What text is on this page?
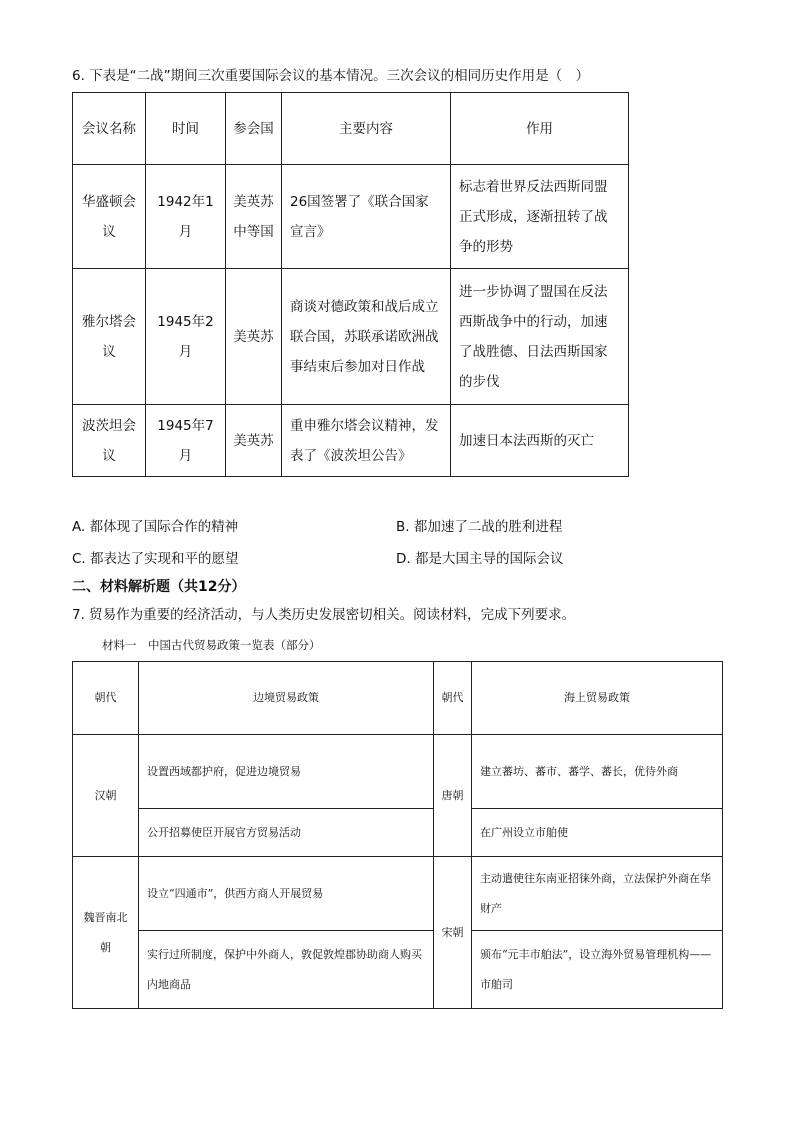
6. 下表是“二战”期间三次重要国际会议的基本情况。三次会议的相同历史作用是（　）
会议名称	时间	参会国	主要内容	作用
华盛顿会议	1942年1月	美英苏中等国	26国签署了《联合国家宣言》	标志着世界反法西斯同盟正式形成，逐渐扭转了战争的形势
雅尔塔会议	1945年2月	美英苏	商谈对德政策和战后成立联合国，苏联承诺欧洲战事结束后参加对日作战	进一步协调了盟国在反法西斯战争中的行动，加速了战胜德、日法西斯国家的步伐
波茨坦会议	1945年7月	美英苏	重申雅尔塔会议精神，发表了《波茨坦公告》	加速日本法西斯的灭亡
A. 都体现了国际合作的精神	B. 都加速了二战的胜利进程
C. 都表达了实现和平的愿望	D. 都是大国主导的国际会议
二、材料解析题（共12分）
7. 贸易作为重要的经济活动，与人类历史发展密切相关。阅读材料，完成下列要求。
材料一　中国古代贸易政策一览表（部分）
朝代	边境贸易政策	朝代	海上贸易政策
汉朝	设置西域都护府，促进边境贸易	唐朝	建立蕃坊、蕃市、蕃学、蕃长，优待外商
	公开招募使臣开展官方贸易活动		在广州设立市舶使
魏晋南北朝	设立“四通市”，供西方商人开展贸易	宋朝	主动遣使往东南亚招徕外商，立法保护外商在华财产
	实行过所制度，保护中外商人，敦促敦煌郡协助商人购买内地商品		颁布“元丰市舶法”，设立海外贸易管理机构——市舶司
